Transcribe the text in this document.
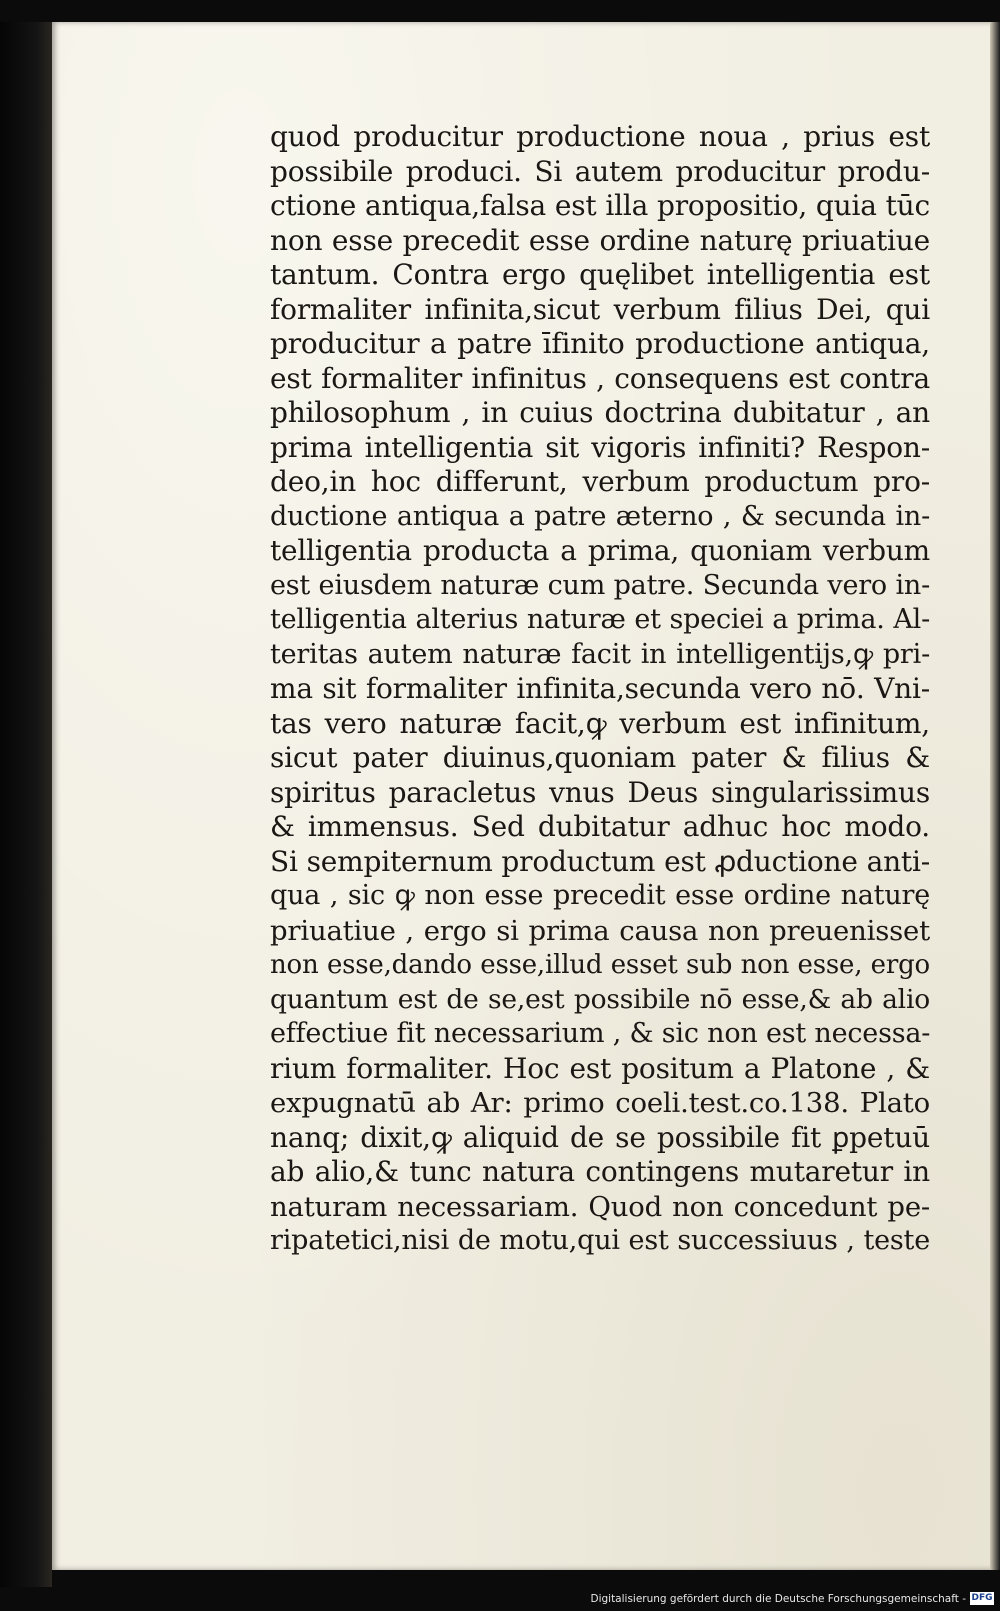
quod producitur productione noua , prius est
possibile produci. Si autem producitur produ-
ctione antiqua,falsa est illa propositio, quia tūc
non esse precedit esse ordine naturę priuatiue
tantum. Contra ergo quęlibet intelligentia est
formaliter infinita,sicut verbum filius Dei, qui
producitur a patre īfinito productione antiqua,
est formaliter infinitus , consequens est contra
philosophum , in cuius doctrina dubitatur , an
prima intelligentia sit vigoris infiniti? Respon-
deo,in hoc differunt, verbum productum pro-
ductione antiqua a patre æterno , & secunda in-
telligentia producta a prima, quoniam verbum
est eiusdem naturæ cum patre. Secunda vero in-
telligentia alterius naturæ et speciei a prima. Al-
teritas autem naturæ facit in intelligentijs,ꝙ pri-
ma sit formaliter infinita,secunda vero nō. Vni-
tas vero naturæ facit,ꝙ verbum est infinitum,
sicut pater diuinus,quoniam pater & filius &
spiritus paracletus vnus Deus singularissimus
& immensus. Sed dubitatur adhuc hoc modo.
Si sempiternum productum est ꝓductione anti-
qua , sic ꝙ non esse precedit esse ordine naturę
priuatiue , ergo si prima causa non preuenisset
non esse,dando esse,illud esset sub non esse, ergo
quantum est de se,est possibile nō esse,& ab alio
effectiue fit necessarium , & sic non est necessa-
rium formaliter. Hoc est positum a Platone , &
expugnatū ab Ar: primo coeli.test.co.138. Plato
nanq; dixit,ꝙ aliquid de se possibile fit ꝑpetuū
ab alio,& tunc natura contingens mutaretur in
naturam necessariam. Quod non concedunt pe-
ripatetici,nisi de motu,qui est successiuus , teste
Digitalisierung gefördert durch die Deutsche Forschungsgemeinschaft - DFG
